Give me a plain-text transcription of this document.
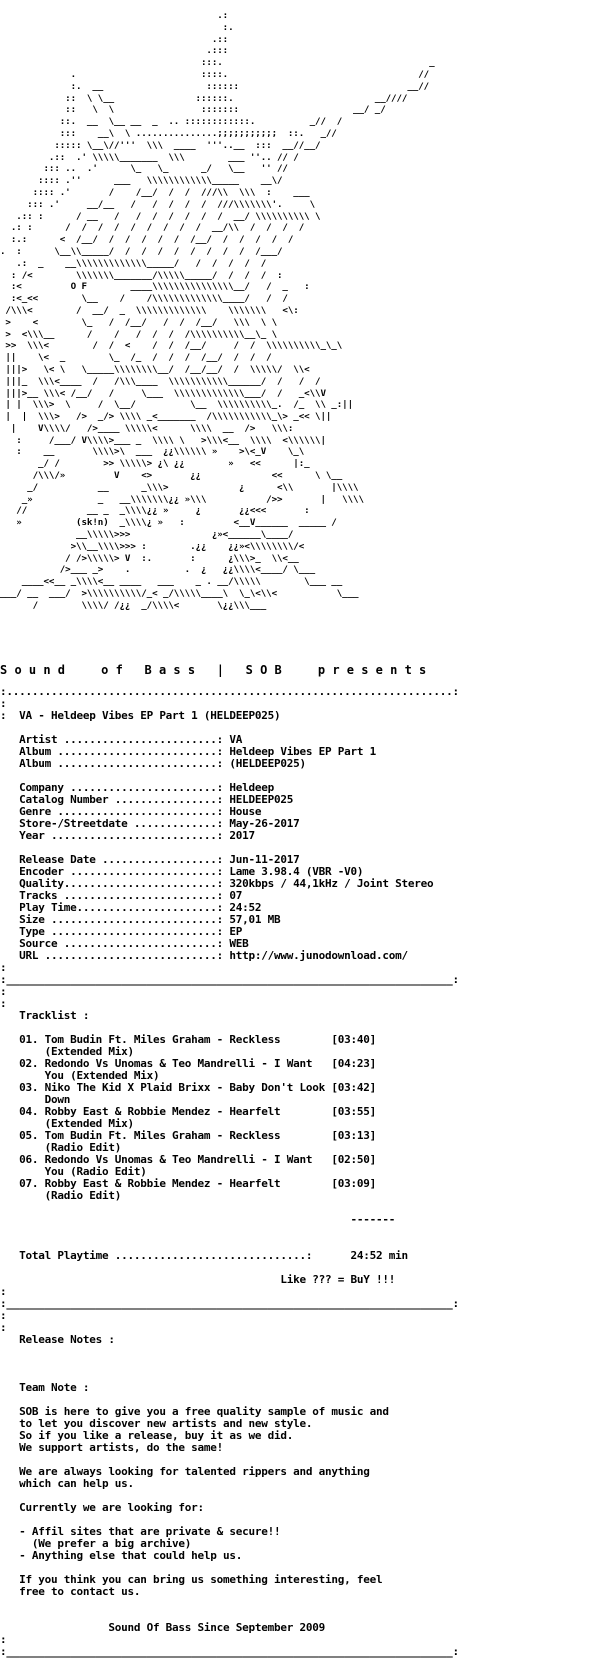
.:
:.
.::
.:::
:::.                                      _
.                       ::::.                                   //
:.  __                   ::::::                               __//
::  \ \__               ::::::.                          __////
::   \  \                :::::::                     __/ _/
::.  __  \__ __  _  .. ::::::::::::.          _//  /
:::    __\  \ ...............;;;;;;;;;;;  ::.   _//
::::: \__\//'''  \\\  ____  '''..__  :::  __//__/
.::  .' \\\\\_______  \\\        ___ ''.. // /
::: ..  .'      \_   \_      _/   \__   '' //
:::: .''      ___   \\\\\\\\\\\\_____    __\/
:::: .'       /    /__/  /  /  ///\\  \\\  :    ___
::: .'     __/__   /   /  /  /  /  ///\\\\\\\'.     \
.:: :      / __   /   /  /  /  /  /  /  __/ \\\\\\\\\\ \
.: :      /  /  /  /  /  /  /  /  /  __/\\  /  /  /  /
:.:      <  /__/  /  /  /  /  /  /__/  /  /  /  /  /
.  :      \__\\_____/  /  /  /  /  /  /  /  /  /___/
.:  _    __\\\\\\\\\\\\\_____/   /  /  /  /  /
: /<        \\\\\\\_______/\\\\\_____/  /  /  /  :
:<         O F        ____\\\\\\\\\\\\\\\__/   /  _   :
:<_<<        \__    /    /\\\\\\\\\\\\\____/   /  /
/\\\<        /  __/  _  \\\\\\\\\\\\\    \\\\\\\   <\:
>    <        \_   /  /__/   /  /  /__/   \\\  \ \
>  <\\\__      /    /   /  /  /  /\\\\\\\\\\__\_ \
>>  \\\<        /  /  <    /  /  /__/     /  /  \\\\\\\\\\_\_\
||    \<  _        \_  /_  /  /  /  /__/  /  /  /
|||>   \< \   \_____\\\\\\\\__/  /__/__/  /  \\\\\/  \\<
|||_  \\\<____  /   /\\\____  \\\\\\\\\\\______/  /   /  /
|||>__ \\\< /__/   /     \___  \\\\\\\\\\\\\___/  /   _<\\V
| |  \\\>  \     /  \__/          \__  \\\\\\\\\\_.  /_  \\ _:||
|  |  \\\>   />  _/> \\\\ _<_______  /\\\\\\\\\\\_\> _<< \||
|    V\\\\/   />____ \\\\\<      \\\\  __  />   \\\:
:     /___/ V\\\\>___ _  \\\\ \   >\\\<__  \\\\  <\\\\\\|
:    __       \\\\>\  ___  ¿¿\\\\\\ »    >\<_V    \_\
_/ /        >> \\\\\> ¿\ ¿¿        »   <<      |:_
/\\\/»         V    <>       ¿¿             <<      \ \__
_/           __      _\\\>             ¿      <\\       |\\\\
_»            _   __\\\\\\\¿¿ »\\\           />>       |   \\\\
//           __ _  _\\\\¿¿ »     ¿       ¿¿<<<       :
»          (sk!n)  _\\\\¿ »   :         <__V______  _____ /
__\\\\\>>>               ¿»<______\____/
>\\__\\\\>>> :        .¿¿    ¿¿»<\\\\\\\\/<
/ />\\\\\> V  :.       :      ¿\\\>_  \\<__
/>___ _>    .          .  ¿   ¿¿\\\\<____/ \___
____<<__ _\\\\<__ ____   ___    _ . __/\\\\\        \___ __
___/ __  ___/  >\\\\\\\\\\/_< _/\\\\\____\  \_\<\\<           \___
/        \\\\/ /¿¿  _/\\\\<       \¿¿\\\___
S o u n d     o f   B a s s   |   S O B     p r e s e n t s
:......................................................................:
:
:  VA - Heldeep Vibes EP Part 1 (HELDEEP025)

Artist ........................: VA
Album .........................: Heldeep Vibes EP Part 1
Album .........................: (HELDEEP025)

Company .......................: Heldeep
Catalog Number ................: HELDEEP025
Genre .........................: House
Store-/Streetdate .............: May-26-2017
Year ..........................: 2017

Release Date ..................: Jun-11-2017
Encoder .......................: Lame 3.98.4 (VBR -V0)
Quality........................: 320kbps / 44,1kHz / Joint Stereo
Tracks ........................: 07
Play Time......................: 24:52
Size ..........................: 57,01 MB
Type ..........................: EP
Source ........................: WEB
URL ...........................: http://www.junodownload.com/
:
:______________________________________________________________________:
:
:
Tracklist :

01. Tom Budin Ft. Miles Graham - Reckless        [03:40]
(Extended Mix)
02. Redondo Vs Unomas & Teo Mandrelli - I Want   [04:23]
You (Extended Mix)
03. Niko The Kid X Plaid Brixx - Baby Don't Look [03:42]
Down
04. Robby East & Robbie Mendez - Hearfelt        [03:55]
(Extended Mix)
05. Tom Budin Ft. Miles Graham - Reckless        [03:13]
(Radio Edit)
06. Redondo Vs Unomas & Teo Mandrelli - I Want   [02:50]
You (Radio Edit)
07. Robby East & Robbie Mendez - Hearfelt        [03:09]
(Radio Edit)

-------

Total Playtime ..............................:      24:52 min

Like ??? = BuY !!!
:
:______________________________________________________________________:
:
:
Release Notes :

Team Note :

SOB is here to give you a free quality sample of music and
to let you discover new artists and new style.
So if you like a release, buy it as we did.
We support artists, do the same!

We are always looking for talented rippers and anything
which can help us.

Currently we are looking for:

- Affil sites that are private & secure!!
(We prefer a big archive)
- Anything else that could help us.

If you think you can bring us something interesting, feel
free to contact us.

Sound Of Bass Since September 2009
:
:______________________________________________________________________:
